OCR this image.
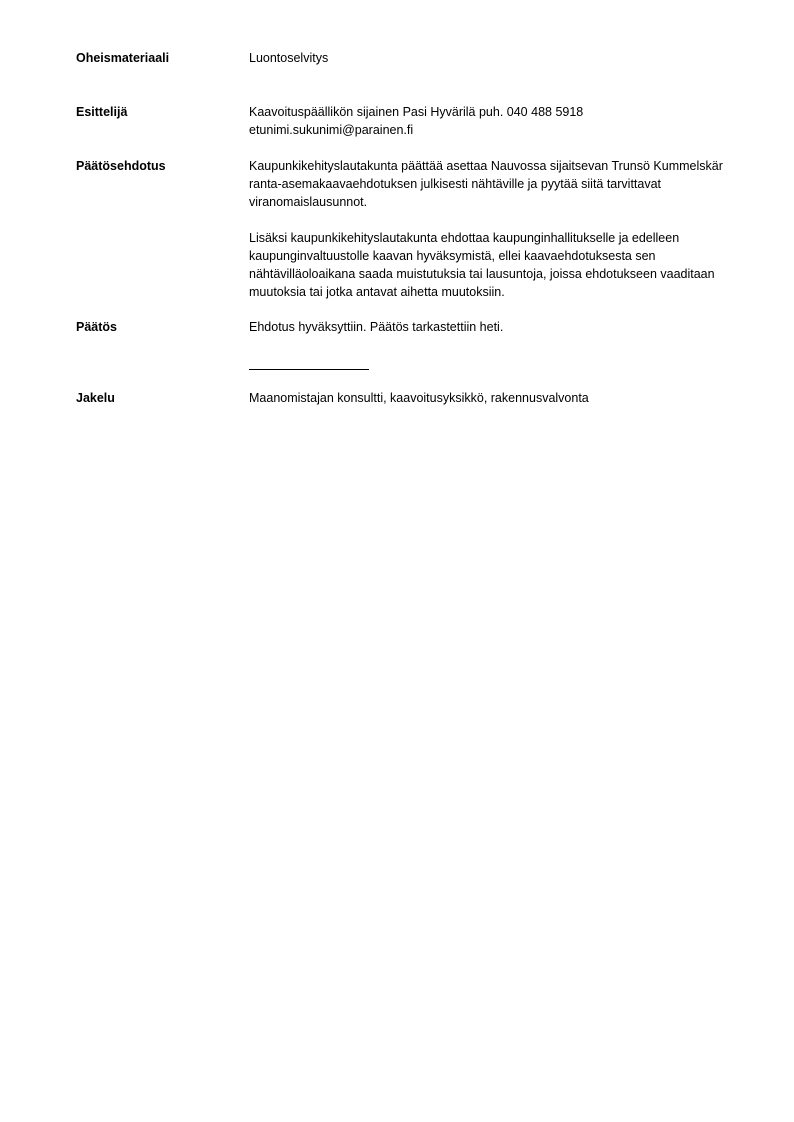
Oheismateriaali	Luontoselvitys
Esittelijä	Kaavoituspäällikön sijainen Pasi Hyvärilä puh. 040 488 5918
etunimi.sukunimi@parainen.fi
Päätösehdotus	Kaupunkikehityslautakunta päättää asettaa Nauvossa sijaitsevan Trunsö Kummelskär ranta-asemakaavaehdotuksen julkisesti nähtäville ja pyytää siitä tarvittavat viranomaislausunnot.

Lisäksi kaupunkikehityslautakunta ehdottaa kaupunginhallitukselle ja edelleen kaupunginvaltuustolle kaavan hyväksymistä, ellei kaavaehdotuksesta sen nähtävilläoloaikana saada muistutuksia tai lausuntoja, joissa ehdotukseen vaaditaan muutoksia tai jotka antavat aihetta muutoksiin.

Päätös	Ehdotus hyväksyttiin. Päätös tarkastettiin heti.
Jakelu	Maanomistajan konsultti, kaavoitusyksikkö, rakennusvalvonta
